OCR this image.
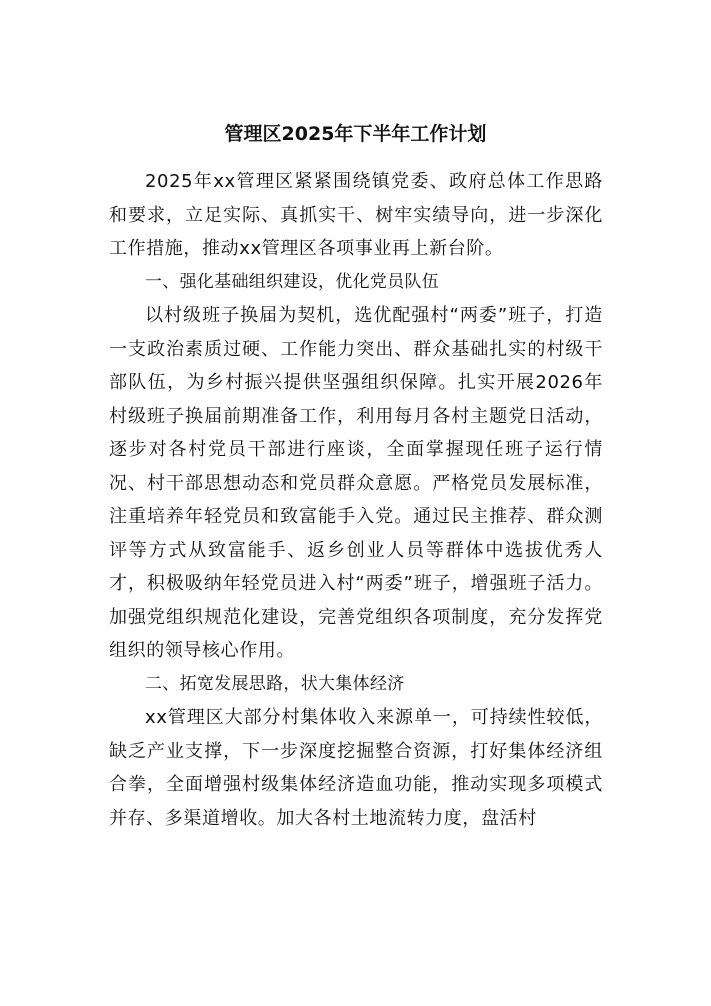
管理区2025年下半年工作计划

2025年xx管理区紧紧围绕镇党委、政府总体工作思路和要求，立足实际、真抓实干、树牢实绩导向，进一步深化工作措施，推动xx管理区各项事业再上新台阶。

一、强化基础组织建设，优化党员队伍

以村级班子换届为契机，选优配强村“两委”班子，打造一支政治素质过硬、工作能力突出、群众基础扎实的村级干部队伍，为乡村振兴提供坚强组织保障。扎实开展2026年村级班子换届前期准备工作，利用每月各村主题党日活动，逐步对各村党员干部进行座谈，全面掌握现任班子运行情况、村干部思想动态和党员群众意愿。严格党员发展标准，注重培养年轻党员和致富能手入党。通过民主推荐、群众测评等方式从致富能手、返乡创业人员等群体中选拔优秀人才，积极吸纳年轻党员进入村“两委”班子，增强班子活力。加强党组织规范化建设，完善党组织各项制度，充分发挥党组织的领导核心作用。

二、拓宽发展思路，状大集体经济

xx管理区大部分村集体收入来源单一，可持续性较低，缺乏产业支撑，下一步深度挖掘整合资源，打好集体经济组合拳，全面增强村级集体经济造血功能，推动实现多项模式并存、多渠道增收。加大各村土地流转力度，盘活村
